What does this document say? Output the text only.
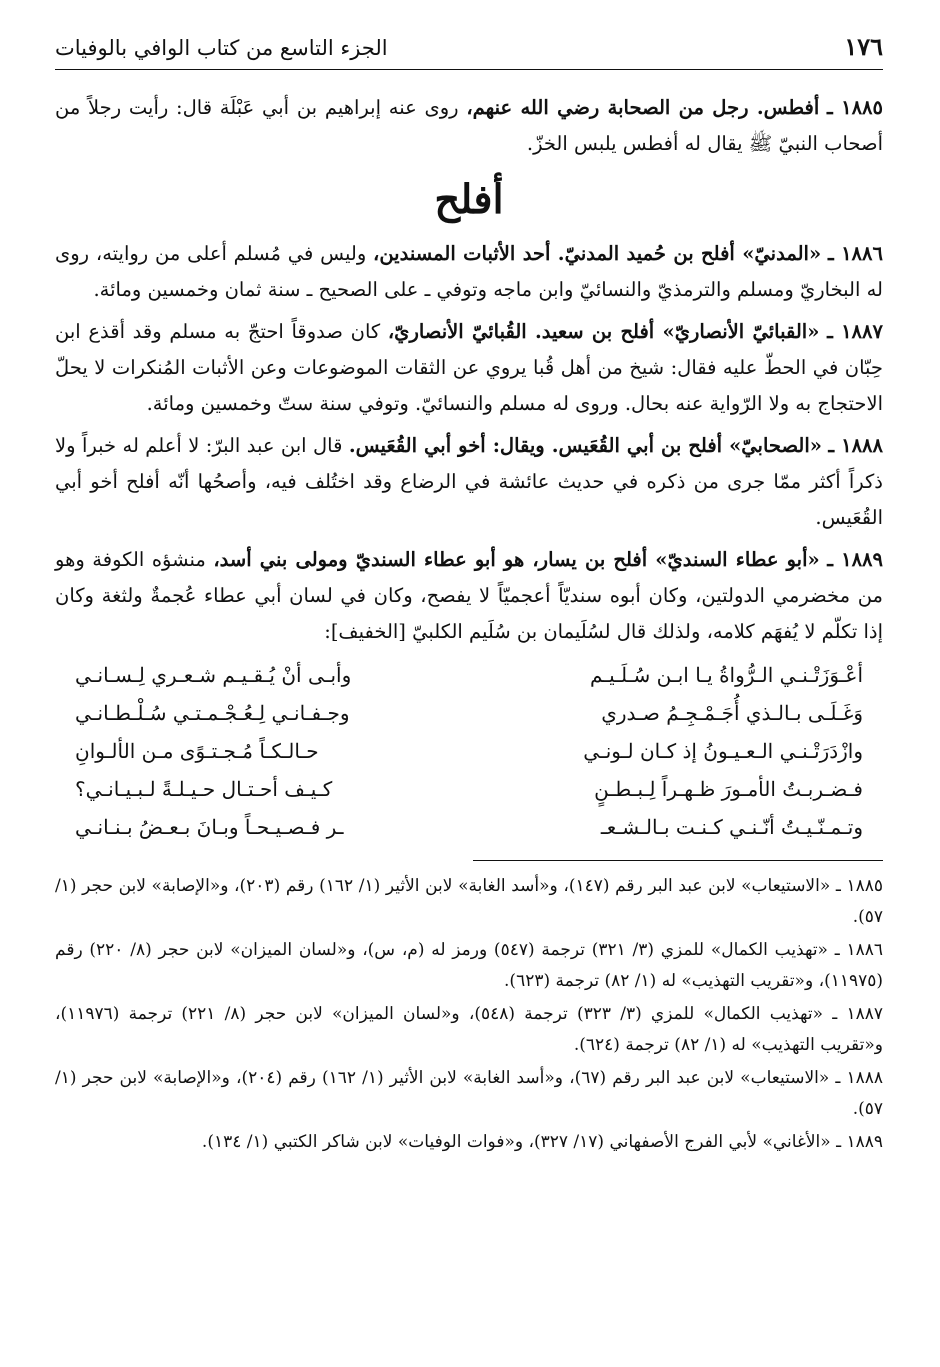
١٧٦
الجزء التاسع من كتاب الوافي بالوفيات

١٨٨٥ ـ أفطس. رجل من الصحابة رضي الله عنهم، روى عنه إبراهيم بن أبي عَبْلَة قال: رأيت رجلاً من أصحاب النبيّ ﷺ يقال له أفطس يلبس الخزّ.

أفلح

١٨٨٦ ـ «المدنيّ» أفلح بن حُميد المدنيّ. أحد الأثبات المسندين، وليس في مُسلم أعلى من روايته، روى له البخاريّ ومسلم والترمذيّ والنسائيّ وابن ماجه وتوفي ـ على الصحيح ـ سنة ثمان وخمسين ومائة.

١٨٨٧ ـ «القبائيّ الأنصاريّ» أفلح بن سعيد. القُبائيّ الأنصاريّ، كان صدوقاً احتجّ به مسلم وقد أقذع ابن حِبّان في الحطّ عليه فقال: شيخ من أهل قُبا يروي عن الثقات الموضوعات وعن الأثبات المُنكرات لا يحلّ الاحتجاج به ولا الرّواية عنه بحال. وروى له مسلم والنسائيّ. وتوفي سنة ستّ وخمسين ومائة.

١٨٨٨ ـ «الصحابيّ» أفلح بن أبي القُعَيس. ويقال: أخو أبي القُعَيس. قال ابن عبد البرّ: لا أعلم له خبراً ولا ذكراً أكثر ممّا جرى من ذكره في حديث عائشة في الرضاع وقد اختُلف فيه، وأصحُها أنّه أفلح أخو أبي القُعَيس.

١٨٨٩ ـ «أبو عطاء السنديّ» أفلح بن يسار، هو أبو عطاء السنديّ ومولى بني أسد، منشؤه الكوفة وهو من مخضرمي الدولتين، وكان أبوه سنديّاً أعجميّاً لا يفصح، وكان في لسان أبي عطاء عُجمةٌ ولثغة وكان إذا تكلّم لا يُفهَم كلامه، ولذلك قال لسُلَيمان بن سُلَيم الكلبيّ [الخفيف]:

أعْـوَزَتْـنـي الـرُّواةُ يـا ابـن سُـلَـيـم
وأبـى أنْ يُـقـيـم شـعـري لِـسـانـي
وَغَـلَـى بـالـذي أُجَـمْـجِـمُ صـدري
وجـفـانـي لِـعُـجْـمـتـي سُـلْـطـانـي
وازْدَرَتْـنـي الـعـيـونُ إذ كـان لـونـي
حـالـكـاً مُـجـتـوًى مـن الألـوانِ
فـضـربـتُ الأمـورَ ظـهـراً لِـبـطـنٍ
كـيـف أحـتـال حـيـلـةً لـبـيـانـي؟
وتـمـنّـيـتُ أنّـنـي كـنـت بـالـشـعـ
ـر فـصـيـحـاً وبـانَ بـعـضُ بـنـانـي
١٨٨٥ ـ «الاستيعاب» لابن عبد البر رقم (١٤٧)، و«أسد الغابة» لابن الأثير (١/ ١٦٢) رقم (٢٠٣)، و«الإصابة» لابن حجر (١/ ٥٧).
١٨٨٦ ـ «تهذيب الكمال» للمزي (٣/ ٣٢١) ترجمة (٥٤٧) ورمز له (م، س)، و«لسان الميزان» لابن حجر (٨/ ٢٢٠) رقم (١١٩٧٥)، و«تقريب التهذيب» له (١/ ٨٢) ترجمة (٦٢٣).
١٨٨٧ ـ «تهذيب الكمال» للمزي (٣/ ٣٢٣) ترجمة (٥٤٨)، و«لسان الميزان» لابن حجر (٨/ ٢٢١) ترجمة (١١٩٧٦)، و«تقريب التهذيب» له (١/ ٨٢) ترجمة (٦٢٤).
١٨٨٨ ـ «الاستيعاب» لابن عبد البر رقم (٦٧)، و«أسد الغابة» لابن الأثير (١/ ١٦٢) رقم (٢٠٤)، و«الإصابة» لابن حجر (١/ ٥٧).
١٨٨٩ ـ «الأغاني» لأبي الفرج الأصفهاني (١٧/ ٣٢٧)، و«فوات الوفيات» لابن شاكر الكتبي (١/ ١٣٤).
